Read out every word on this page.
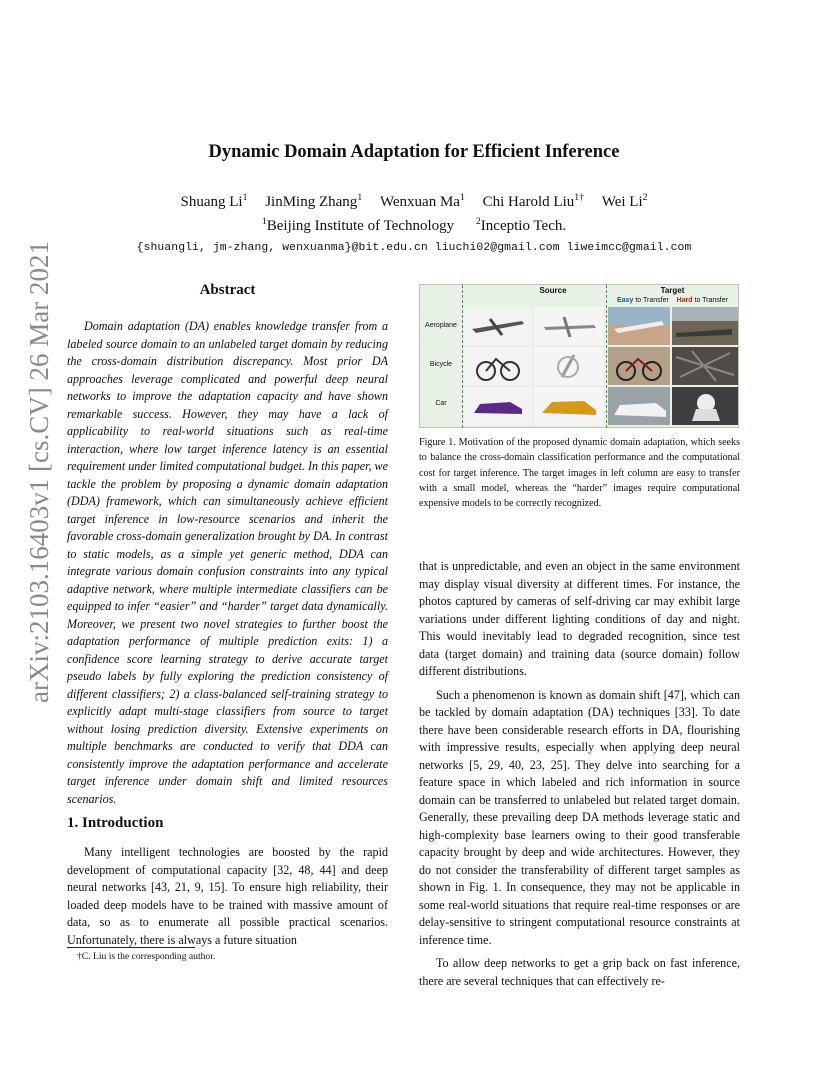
arXiv:2103.16403v1 [cs.CV] 26 Mar 2021
Dynamic Domain Adaptation for Efficient Inference
Shuang Li$^1$ JinMing Zhang$^1$ Wenxuan Ma$^1$ Chi Harold Liu$^{1\dagger}$ Wei Li$^2$
$^1$Beijing Institute of Technology $^2$Inceptio Tech.
{shuangli, jm-zhang, wenxuanma}@bit.edu.cn liuchi02@gmail.com liweimcc@gmail.com
Abstract

Domain adaptation (DA) enables knowledge transfer from a labeled source domain to an unlabeled target domain by reducing the cross-domain distribution discrepancy. Most prior DA approaches leverage complicated and powerful deep neural networks to improve the adaptation capacity and have shown remarkable success. However, they may have a lack of applicability to real-world situations such as real-time interaction, where low target inference latency is an essential requirement under limited computational budget. In this paper, we tackle the problem by proposing a dynamic domain adaptation (DDA) framework, which can simultaneously achieve efficient target inference in low-resource scenarios and inherit the favorable cross-domain generalization brought by DA. In contrast to static models, as a simple yet generic method, DDA can integrate various domain confusion constraints into any typical adaptive network, where multiple intermediate classifiers can be equipped to infer “easier” and “harder” target data dynamically. Moreover, we present two novel strategies to further boost the adaptation performance of multiple prediction exits: 1) a confidence score learning strategy to derive accurate target pseudo labels by fully exploring the prediction consistency of different classifiers; 2) a class-balanced self-training strategy to explicitly adapt multi-stage classifiers from source to target without losing prediction diversity. Extensive experiments on multiple benchmarks are conducted to verify that DDA can consistently improve the adaptation performance and accelerate target inference under domain shift and limited resources scenarios.

1. Introduction

Many intelligent technologies are boosted by the rapid development of computational capacity [32, 48, 44] and deep neural networks [43, 21, 9, 15]. To ensure high reliability, their loaded deep models have to be trained with massive amount of data, so as to enumerate all possible practical scenarios. Unfortunately, there is always a future situation

†C. Liu is the corresponding author.
Source	Target
Easy to Transfer Hard to Transfer
Aeroplane
Bicycle
Car
Figure 1. Motivation of the proposed dynamic domain adaptation, which seeks to balance the cross-domain classification performance and the computational cost for target inference. The target images in left column are easy to transfer with a small model, whereas the “harder” images require computational expensive models to be correctly recognized.

that is unpredictable, and even an object in the same environment may display visual diversity at different times. For instance, the photos captured by cameras of self-driving car may exhibit large variations under different lighting conditions of day and night. This would inevitably lead to degraded recognition, since test data (target domain) and training data (source domain) follow different distributions.

Such a phenomenon is known as domain shift [47], which can be tackled by domain adaptation (DA) techniques [33]. To date there have been considerable research efforts in DA, flourishing with impressive results, especially when applying deep neural networks [5, 29, 40, 23, 25]. They delve into searching for a feature space in which labeled and rich information in source domain can be transferred to unlabeled but related target domain. Generally, these prevailing deep DA methods leverage static and high-complexity base learners owing to their good transferable capacity brought by deep and wide architectures. However, they do not consider the transferability of different target samples as shown in Fig. 1. In consequence, they may not be applicable in some real-world situations that require real-time responses or are delay-sensitive to stringent computational resource constraints at inference time.

To allow deep networks to get a grip back on fast inference, there are several techniques that can effectively re-
